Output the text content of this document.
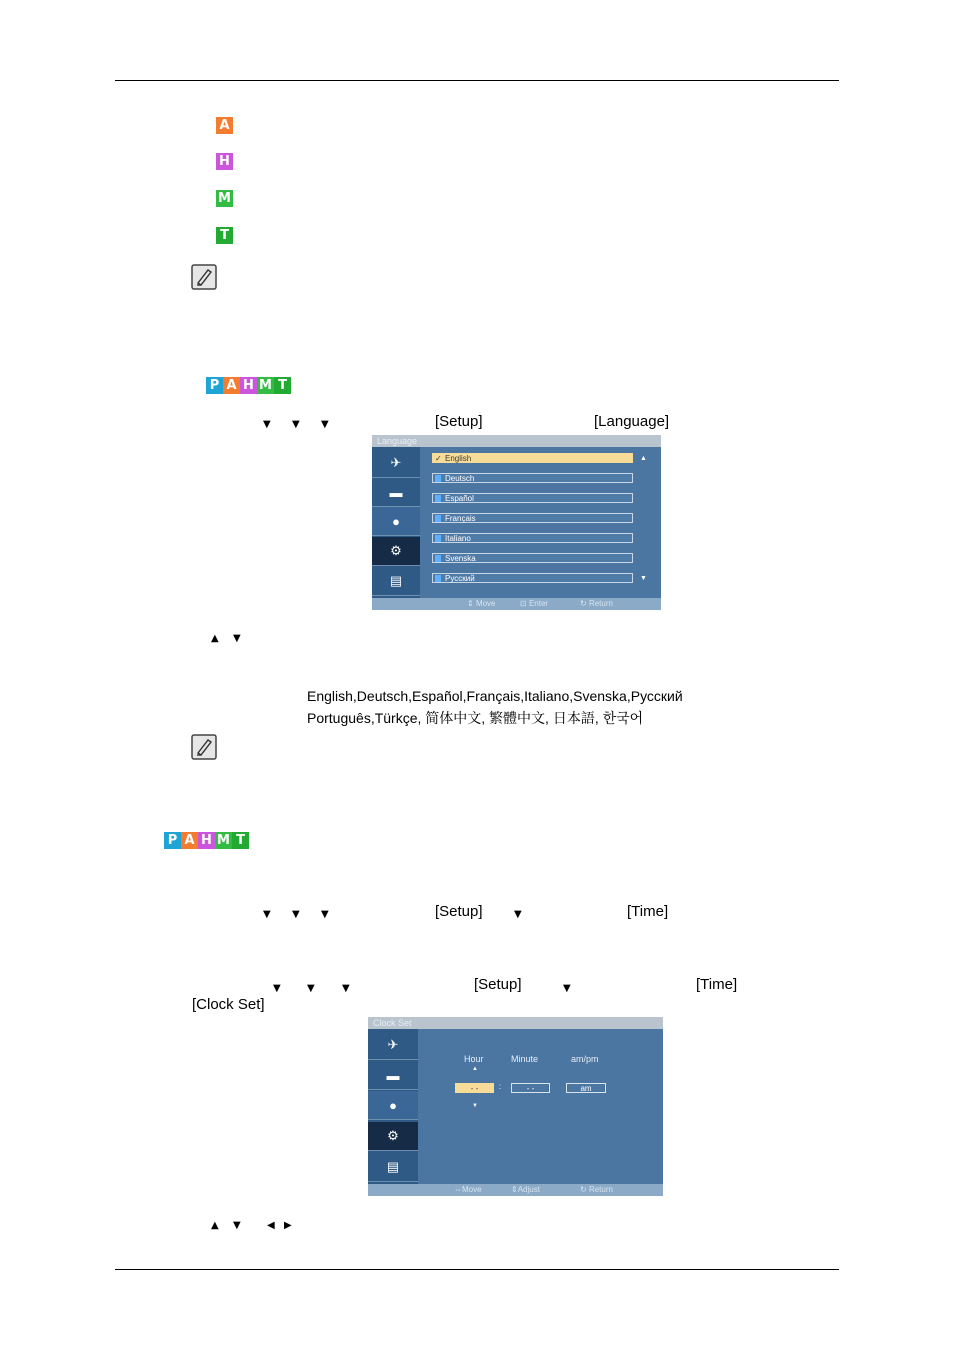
A
H
M
T
P A H M T
▼ ▼ ▼	[Setup]	[Language]
Language
✈
▬
●
⚙
▤
✓ English
Deutsch
Español
Français
Italiano
Svenska
Русский
▲
▼
⇕ Move	⊡ Enter	↻ Return
▲ ▼
English,Deutsch,Español,Français,Italiano,Svenska,Русский
Português,Türkçe, 简体中文, 繁體中文, 日本語, 한국어
P A H M T
▼ ▼ ▼	[Setup]	▼	[Time]
▼	▼	▼	[Setup]	▼	[Time]
[Clock Set]
Clock Set
✈
▬
●
⚙
▤
Hour	Minute	am/pm
▲
- -	:	- -	am
▼
⇔Move	⇕Adjust	↻ Return
▲ ▼	◀ ▶
